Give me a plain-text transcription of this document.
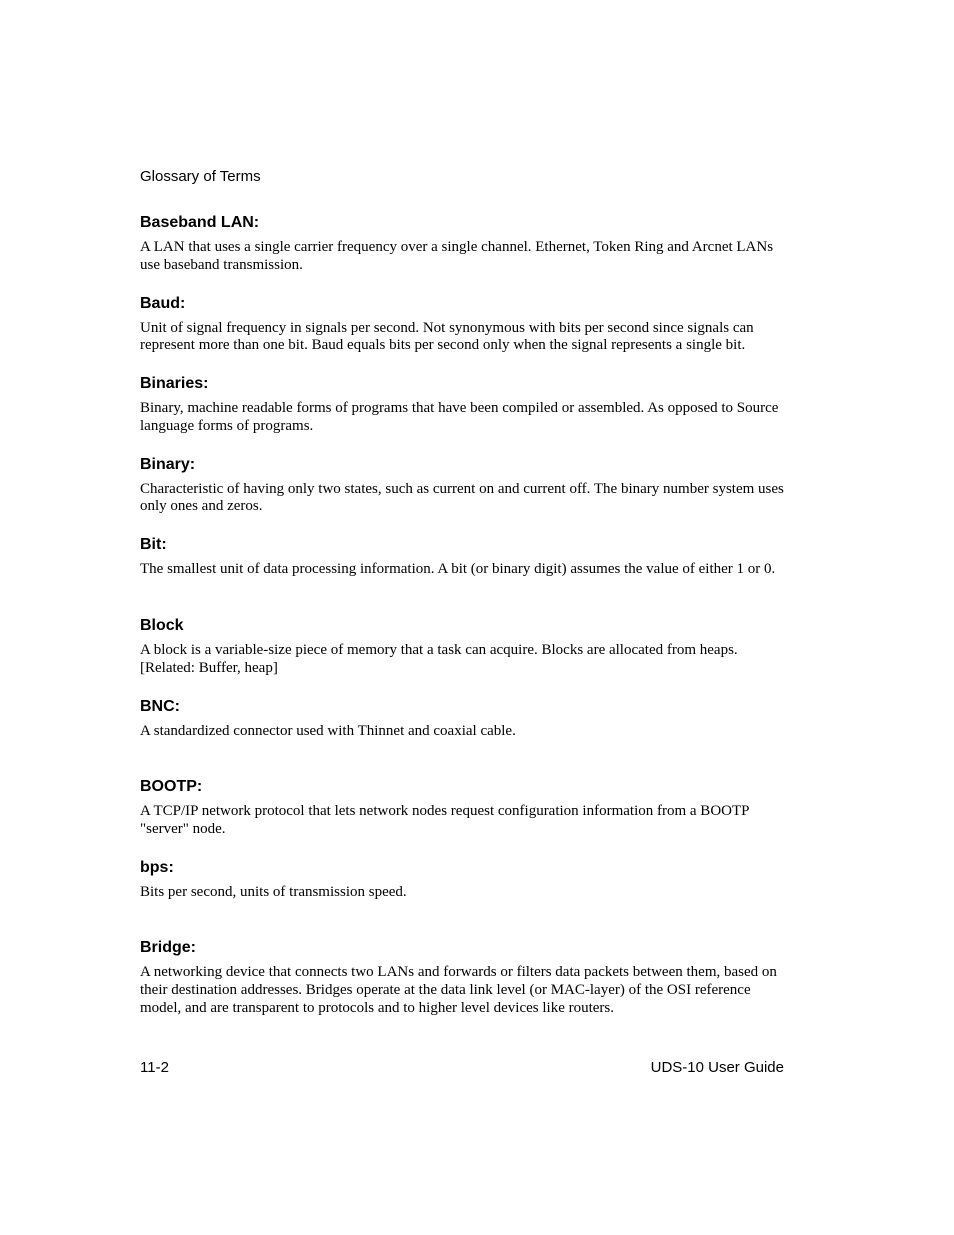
Glossary of Terms

Baseband LAN:

A LAN that uses a single carrier frequency over a single channel. Ethernet, Token Ring and Arcnet LANs use baseband transmission.

Baud:

Unit of signal frequency in signals per second. Not synonymous with bits per second since signals can represent more than one bit. Baud equals bits per second only when the signal represents a single bit.

Binaries:

Binary, machine readable forms of programs that have been compiled or assembled. As opposed to Source language forms of programs.

Binary:

Characteristic of having only two states, such as current on and current off. The binary number system uses only ones and zeros.

Bit:

The smallest unit of data processing information. A bit (or binary digit) assumes the value of either 1 or 0.

Block

A block is a variable-size piece of memory that a task can acquire. Blocks are allocated from heaps. [Related: Buffer, heap]

BNC:

A standardized connector used with Thinnet and coaxial cable.

BOOTP:

A TCP/IP network protocol that lets network nodes request configuration information from a BOOTP "server" node.

bps:

Bits per second, units of transmission speed.

Bridge:

A networking device that connects two LANs and forwards or filters data packets between them, based on their destination addresses. Bridges operate at the data link level (or MAC-layer) of the OSI reference model, and are transparent to protocols and to higher level devices like routers.

11-2	UDS-10 User Guide
